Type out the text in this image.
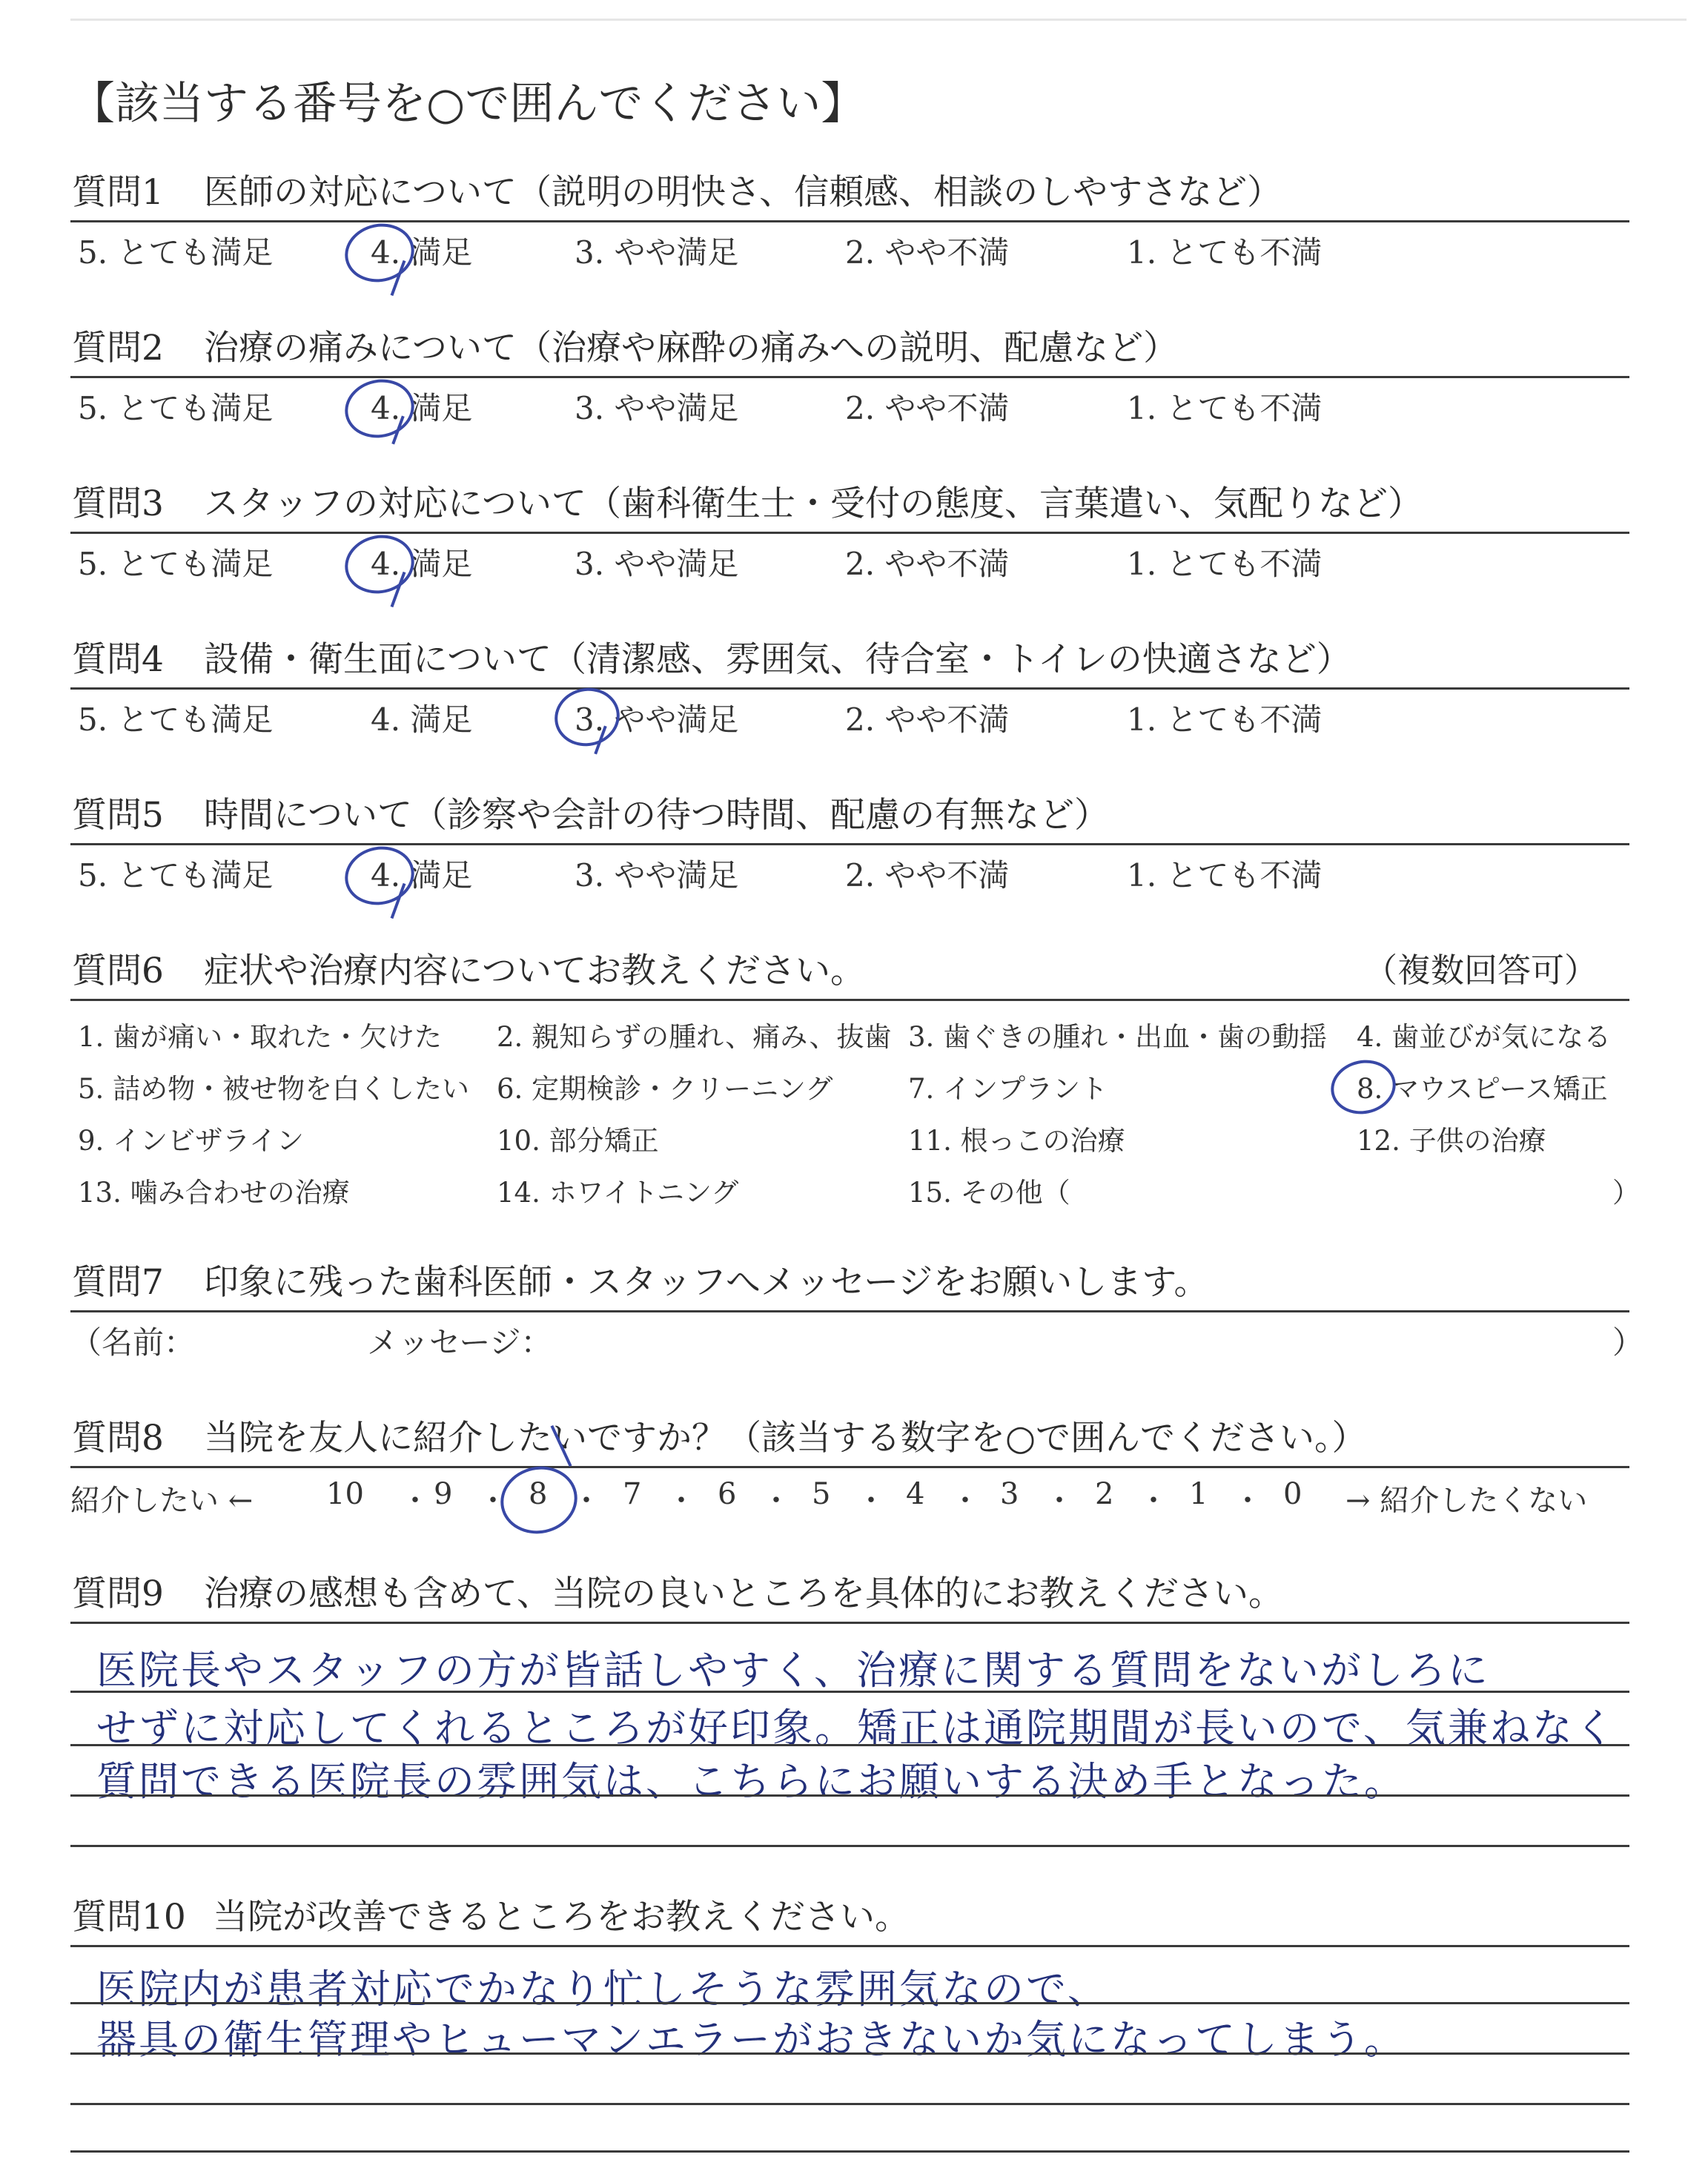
【該当する番号を○で囲んでください】
質問1 医師の対応について（説明の明快さ、信頼感、相談のしやすさなど）
5. とても満足	4. 満足	3. やや満足	2. やや不満	1. とても不満
質問2 治療の痛みについて（治療や麻酔の痛みへの説明、配慮など）
5. とても満足	4. 満足	3. やや満足	2. やや不満	1. とても不満
質問3 スタッフの対応について（歯科衛生士・受付の態度、言葉遣い、気配りなど）
5. とても満足	4. 満足	3. やや満足	2. やや不満	1. とても不満
質問4 設備・衛生面について（清潔感、雰囲気、待合室・トイレの快適さなど）
5. とても満足	4. 満足	3. やや満足	2. やや不満	1. とても不満
質問5 時間について（診察や会計の待つ時間、配慮の有無など）
5. とても満足	4. 満足	3. やや満足	2. やや不満	1. とても不満
質問6 症状や治療内容についてお教えください。	（複数回答可）
1. 歯が痛い・取れた・欠けた 2. 親知らずの腫れ、痛み、抜歯 3. 歯ぐきの腫れ・出血・歯の動揺 4. 歯並びが気になる
5. 詰め物・被せ物を白くしたい 6. 定期検診・クリーニング	7. インプラント	8. マウスピース矯正
9. インビザライン	10. 部分矯正	11. 根っこの治療	12. 子供の治療
13. 噛み合わせの治療	14. ホワイトニング	15. その他（	）
質問7 印象に残った歯科医師・スタッフへメッセージをお願いします。
（名前：	メッセージ：	）
質問8 当院を友人に紹介したいですか？（該当する数字を○で囲んでください。）
紹介したい ← 10 ・ 9 ・ 8 ・ 7 ・ 6 ・ 5 ・ 4 ・ 3 ・ 2 ・ 1 ・ 0 → 紹介したくない
質問9 治療の感想も含めて、当院の良いところを具体的にお教えください。
医院長やスタッフの方が皆話しやすく、治療に関する質問をないがしろに
せずに対応してくれるところが好印象。矯正は通院期間が長いので、気兼ねなく
質問できる医院長の雰囲気は、こちらにお願いする決め手となった。
質問10 当院が改善できるところをお教えください。
医院内が患者対応でかなり忙しそうな雰囲気なので、
器具の衛生管理やヒューマンエラーがおきないか気になってしまう。
